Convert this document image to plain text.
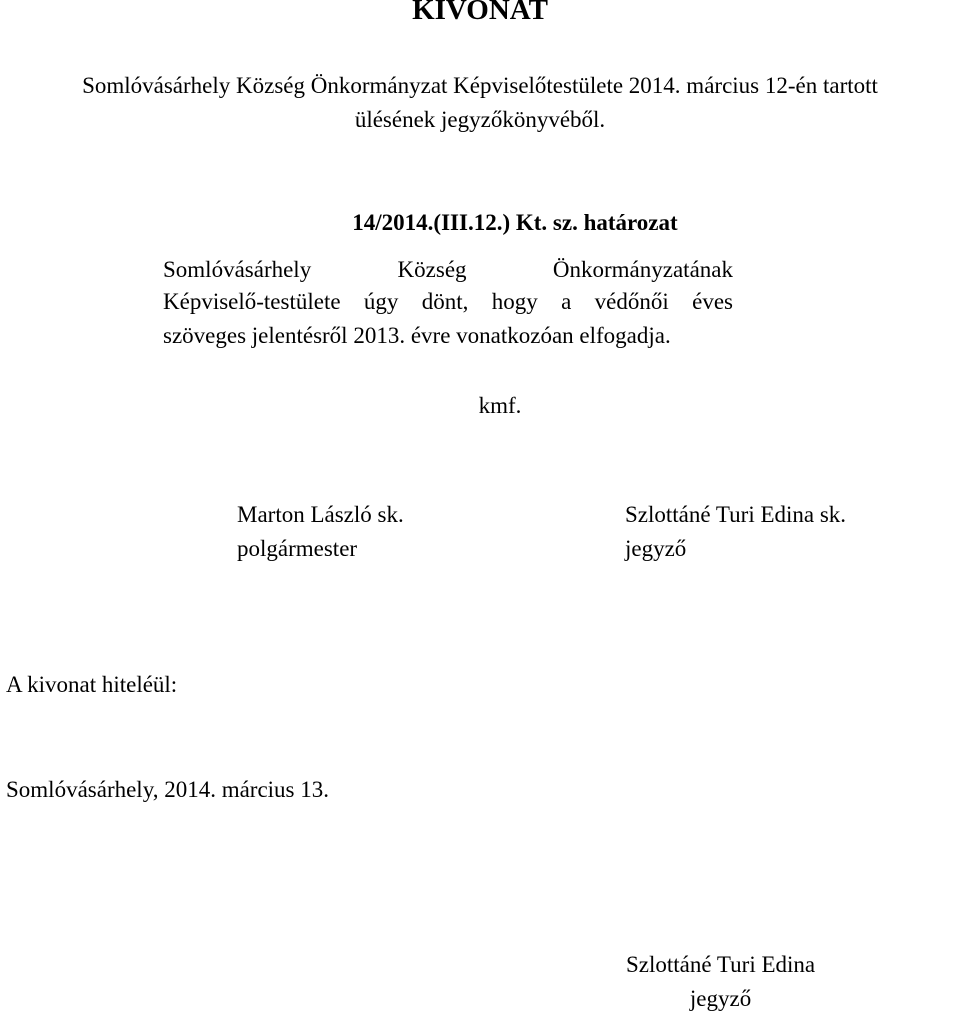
KIVONAT
Somlóvásárhely Község Önkormányzat Képviselőtestülete 2014. március 12-én tartott
ülésének jegyzőkönyvéből.
14/2014.(III.12.) Kt. sz. határozat
Somlóvásárhely Község Önkormányzatának
Képviselő-testülete úgy dönt, hogy a védőnői éves
szöveges jelentésről 2013. évre vonatkozóan elfogadja.
kmf.
Marton László sk.
polgármester
Szlottáné Turi Edina sk.
jegyző
A kivonat hiteléül:
Somlóvásárhely, 2014. március 13.
Szlottáné Turi Edina
jegyző
